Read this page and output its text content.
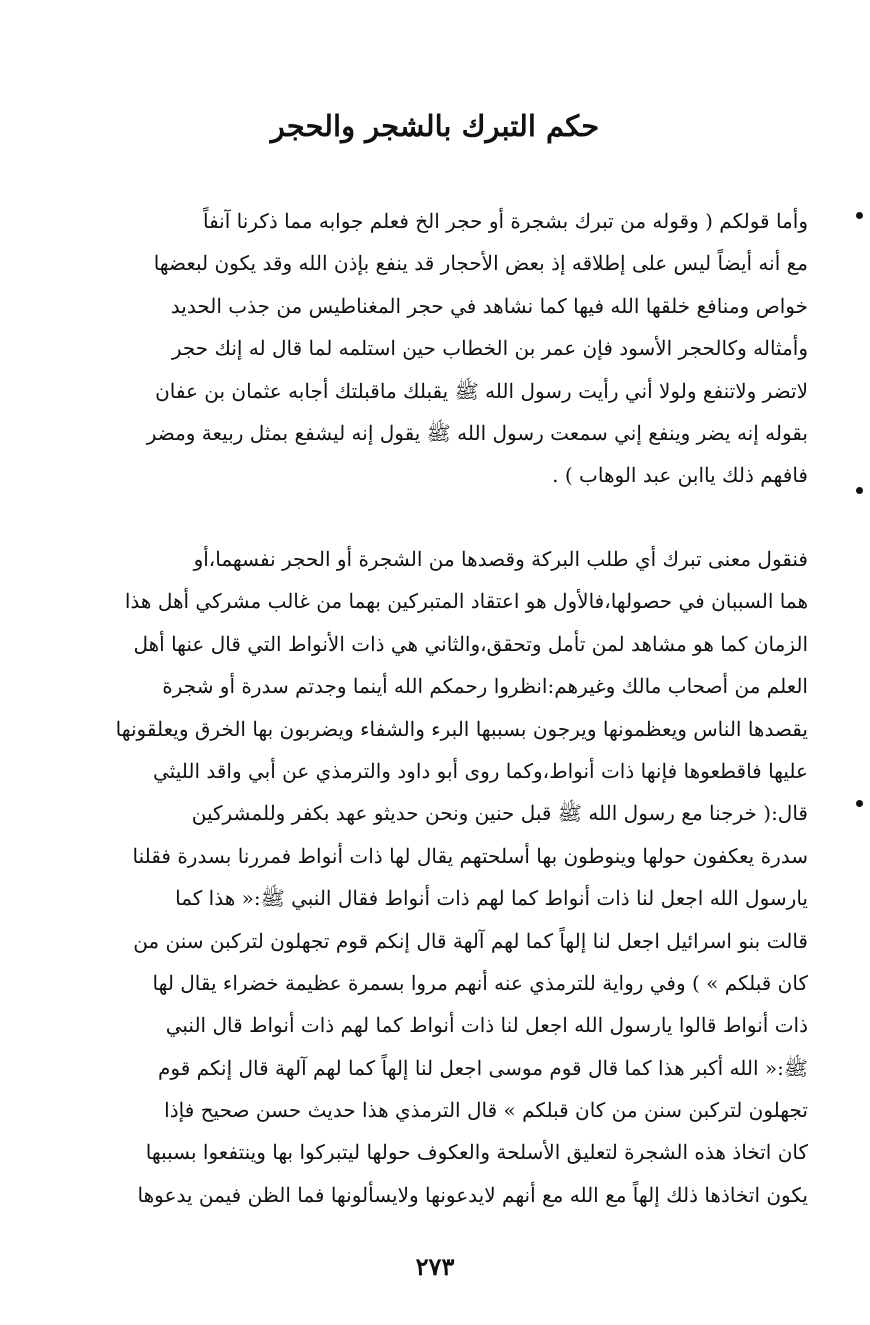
حكم التبرك بالشجر والحجر
وأما قولكم ( وقوله من تبرك بشجرة أو حجر الخ فعلم جوابه مما ذكرنا آنفاً
مع أنه أيضاً ليس على إطلاقه إذ بعض الأحجار قد ينفع بإذن الله وقد يكون لبعضها
خواص ومنافع خلقها الله فيها كما نشاهد في حجر المغناطيس من جذب الحديد
وأمثاله وكالحجر الأسود فإن عمر بن الخطاب حين استلمه لما قال له إنك حجر
لاتضر ولاتنفع ولولا أني رأيت رسول الله ﷺ يقبلك ماقبلتك أجابه عثمان بن عفان
بقوله إنه يضر وينفع إني سمعت رسول الله ﷺ يقول إنه ليشفع بمثل ربيعة ومضر
فافهم ذلك ياابن عبد الوهاب ) .
فنقول معنى تبرك أي طلب البركة وقصدها من الشجرة أو الحجر نفسهما،أو
هما السببان في حصولها،فالأول هو اعتقاد المتبركين بهما من غالب مشركي أهل هذا
الزمان كما هو مشاهد لمن تأمل وتحقق،والثاني هي ذات الأنواط التي قال عنها أهل
العلم من أصحاب مالك وغيرهم:انظروا رحمكم الله أينما وجدتم سدرة أو شجرة
يقصدها الناس ويعظمونها ويرجون بسببها البرء والشفاء ويضربون بها الخرق ويعلقونها
عليها فاقطعوها فإنها ذات أنواط،وكما روى أبو داود والترمذي عن أبي واقد الليثي
قال:( خرجنا مع رسول الله ﷺ قبل حنين ونحن حديثو عهد بكفر وللمشركين
سدرة يعكفون حولها وينوطون بها أسلحتهم يقال لها ذات أنواط فمررنا بسدرة فقلنا
يارسول الله اجعل لنا ذات أنواط كما لهم ذات أنواط فقال النبي ﷺ:« هذا كما
قالت بنو اسرائيل اجعل لنا إلهاً كما لهم آلهة قال إنكم قوم تجهلون لتركبن سنن من
كان قبلكم » ) وفي رواية للترمذي عنه أنهم مروا بسمرة عظيمة خضراء يقال لها
ذات أنواط قالوا يارسول الله اجعل لنا ذات أنواط كما لهم ذات أنواط قال النبي
ﷺ:« الله أكبر هذا كما قال قوم موسى اجعل لنا إلهاً كما لهم آلهة قال إنكم قوم
تجهلون لتركبن سنن من كان قبلكم » قال الترمذي هذا حديث حسن صحيح فإذا
كان اتخاذ هذه الشجرة لتعليق الأسلحة والعكوف حولها ليتبركوا بها وينتفعوا بسببها
يكون اتخاذها ذلك إلهاً مع الله مع أنهم لايدعونها ولايسألونها فما الظن فيمن يدعوها
٢٧٣
